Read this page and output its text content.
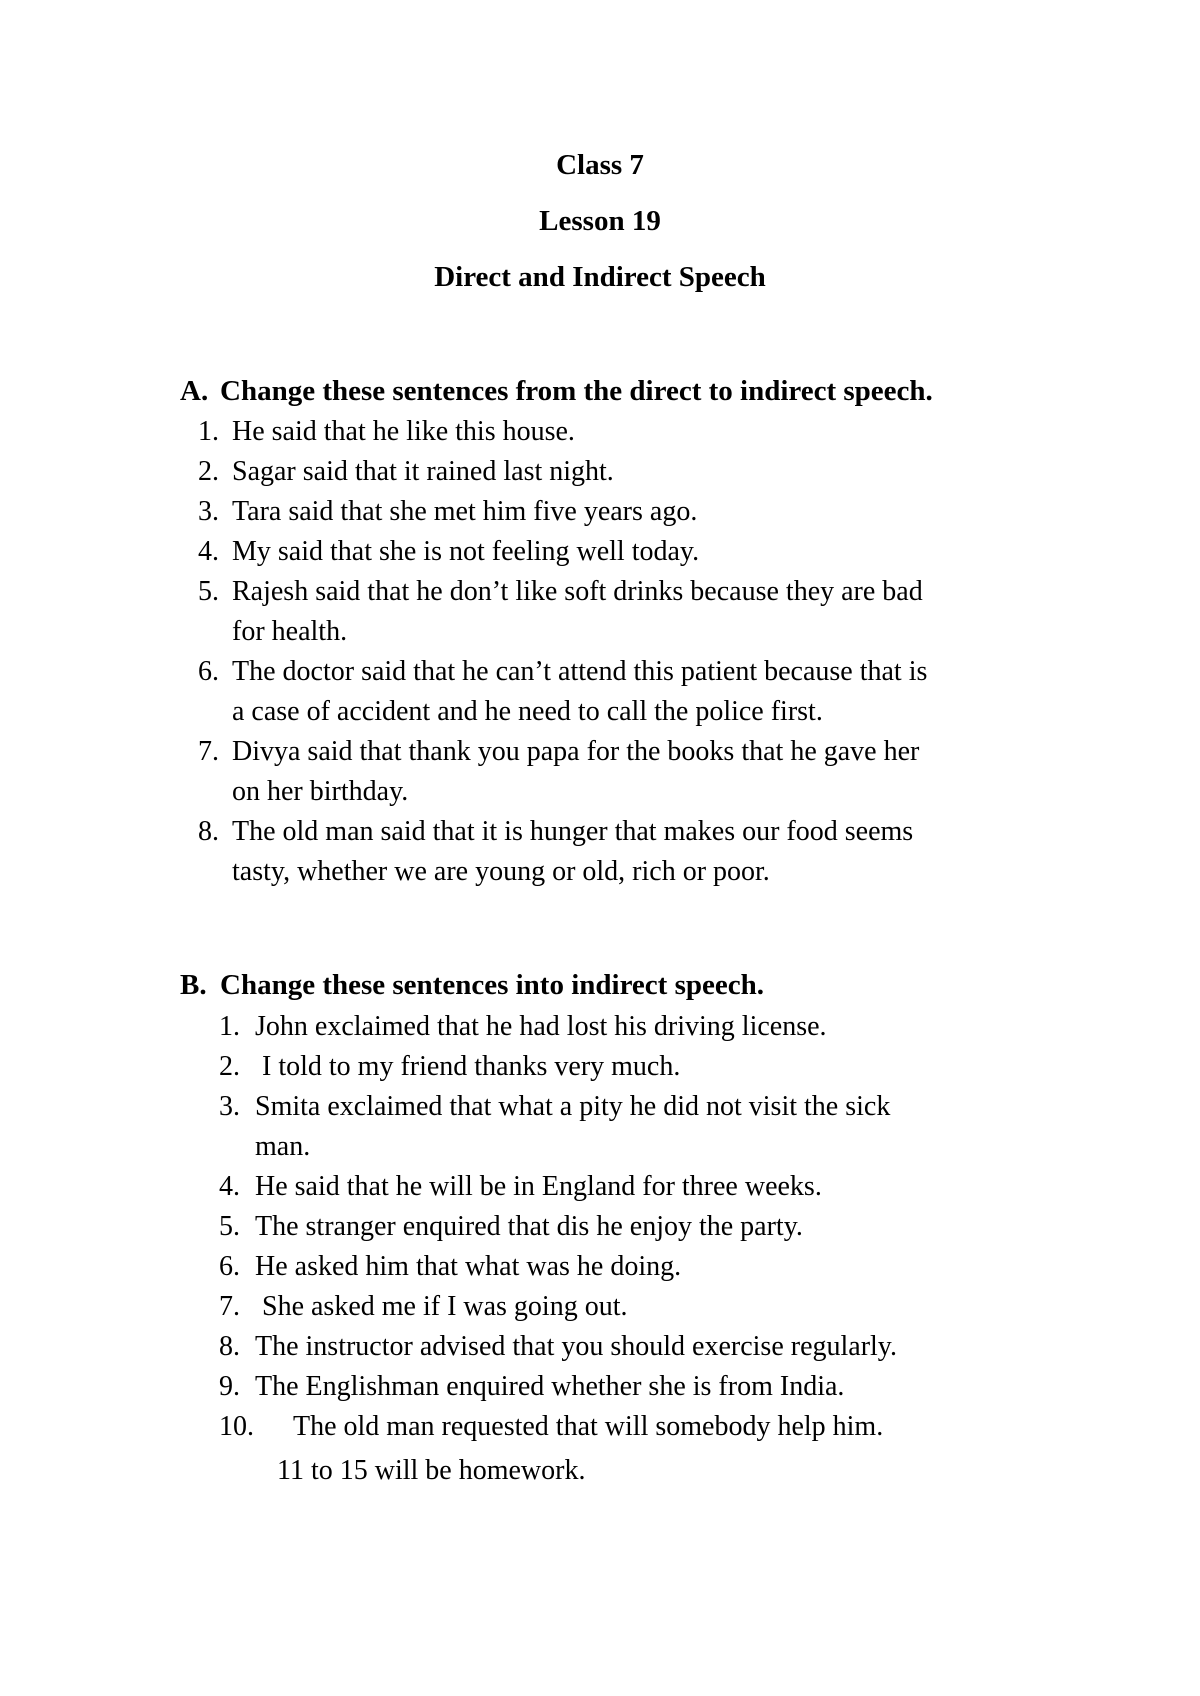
Class 7
Lesson 19
Direct and Indirect Speech
A. Change these sentences from the direct to indirect speech.
1. He said that he like this house.
2. Sagar said that it rained last night.
3. Tara said that she met him five years ago.
4. My said that she is not feeling well today.
5. Rajesh said that he don’t like soft drinks because they are bad
for health.
6. The doctor said that he can’t attend this patient because that is
a case of accident and he need to call the police first.
7. Divya said that thank you papa for the books that he gave her
on her birthday.
8. The old man said that it is hunger that makes our food seems
tasty, whether we are young or old, rich or poor.
B. Change these sentences into indirect speech.
1. John exclaimed that he had lost his driving license.
2. I told to my friend thanks very much.
3. Smita exclaimed that what a pity he did not visit the sick
man.
4. He said that he will be in England for three weeks.
5. The stranger enquired that dis he enjoy the party.
6. He asked him that what was he doing.
7. She asked me if I was going out.
8. The instructor advised that you should exercise regularly.
9. The Englishman enquired whether she is from India.
10. The old man requested that will somebody help him.
11 to 15 will be homework.
